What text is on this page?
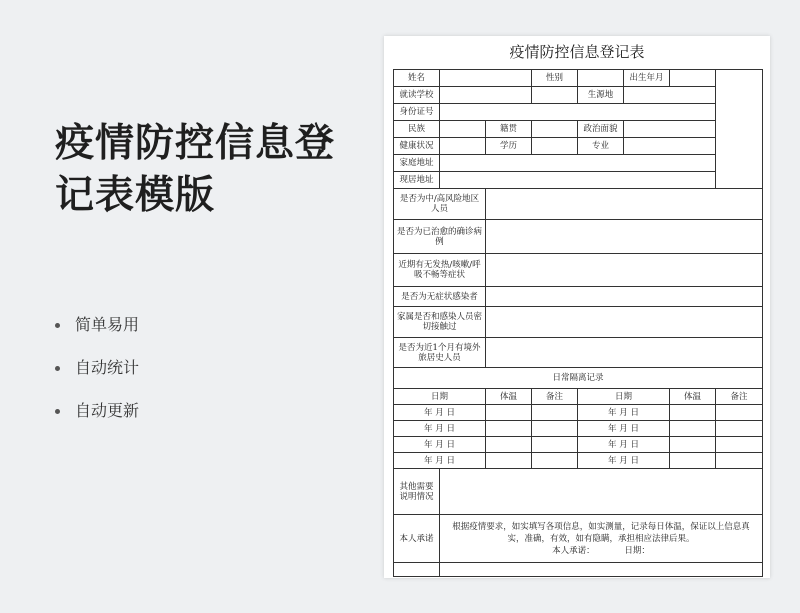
疫情防控信息登记表模版
简单易用
自动统计
自动更新
疫情防控信息登记表
姓名			性别		出生年月		
就读学校				生源地			
身份证号							
民族		籍贯		政治面貌			
健康状况		学历		专业			
家庭地址							
现居地址							
是否为中/高风险地区人员							
是否为已治愈的确诊病例							
近期有无发热/咳嗽/呼吸不畅等症状							
是否为无症状感染者							
家属是否和感染人员密切接触过							
是否为近1个月有境外旅居史人员							
日常隔离记录							
日期		体温	备注	日期		体温	备注
年 月 日				年 月 日			
年 月 日				年 月 日			
年 月 日				年 月 日			
年 月 日				年 月 日			
其他需要说明情况							
本人承诺	根据疫情要求，如实填写各项信息，如实测量，记录每日体温，保证以上信息真实，准确，有效，如有隐瞒，承担相应法律后果。
本人承诺：　　　　日期：						
